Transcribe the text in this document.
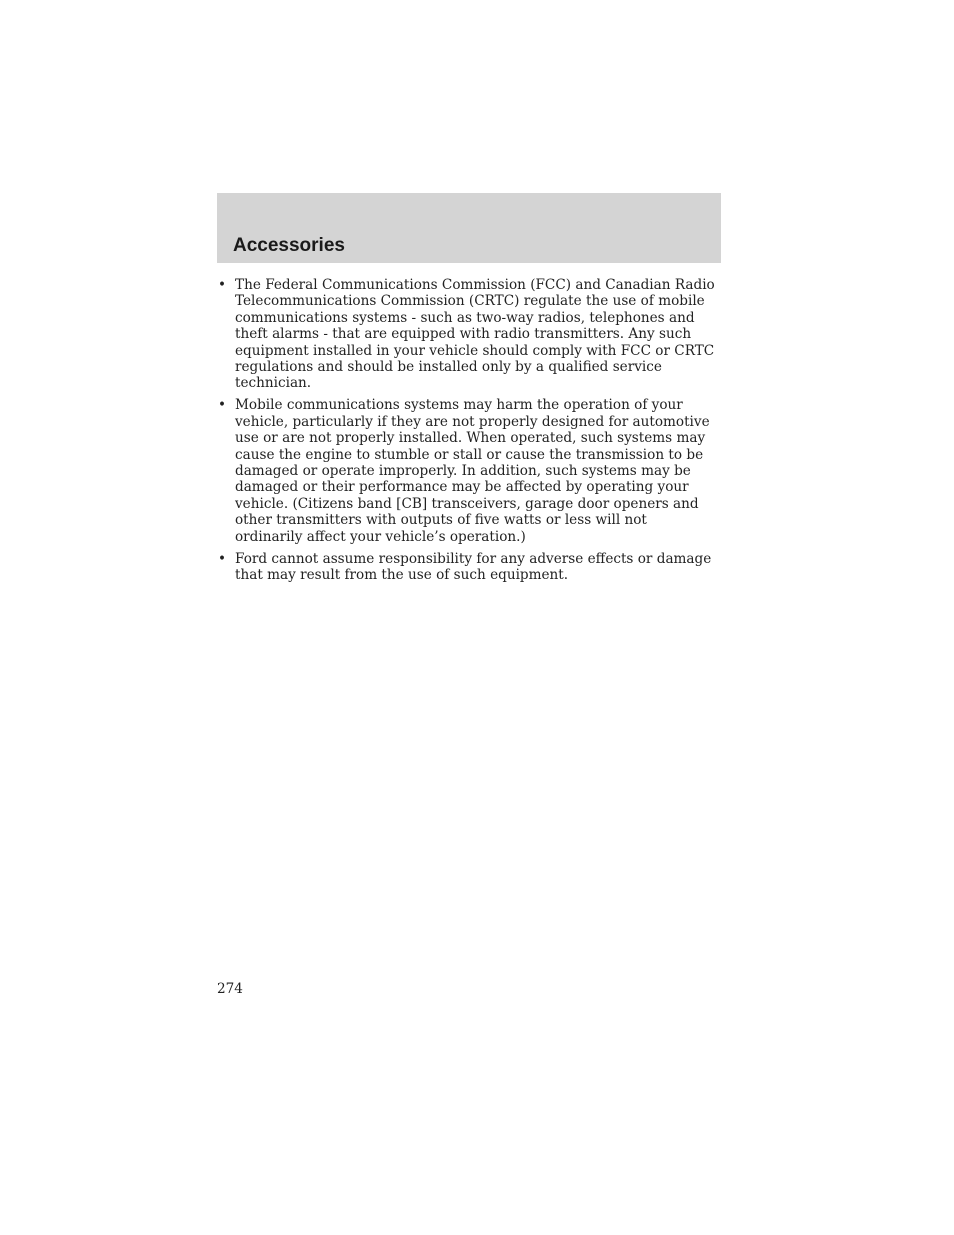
Accessories
• The Federal Communications Commission (FCC) and Canadian Radio Telecommunications Commission (CRTC) regulate the use of mobile communications systems - such as two-way radios, telephones and theft alarms - that are equipped with radio transmitters. Any such equipment installed in your vehicle should comply with FCC or CRTC regulations and should be installed only by a qualified service technician.
• Mobile communications systems may harm the operation of your vehicle, particularly if they are not properly designed for automotive use or are not properly installed. When operated, such systems may cause the engine to stumble or stall or cause the transmission to be damaged or operate improperly. In addition, such systems may be damaged or their performance may be affected by operating your vehicle. (Citizens band [CB] transceivers, garage door openers and other transmitters with outputs of five watts or less will not ordinarily affect your vehicle’s operation.)
• Ford cannot assume responsibility for any adverse effects or damage that may result from the use of such equipment.
274
